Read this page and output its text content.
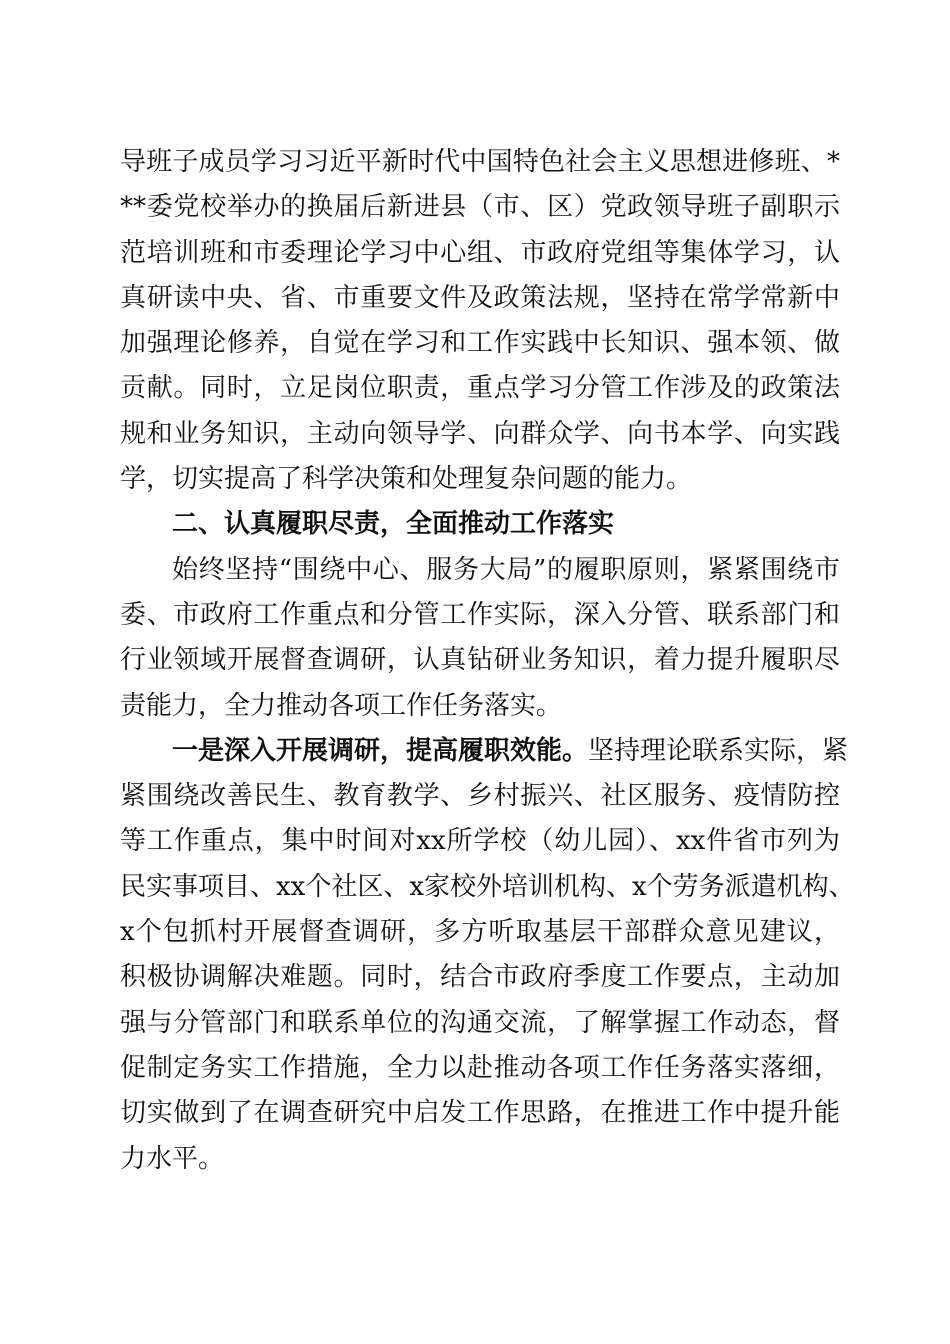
导班子成员学习习近平新时代中国特色社会主义思想进修班、*
**委党校举办的换届后新进县（市、区）党政领导班子副职示
范培训班和市委理论学习中心组、市政府党组等集体学习，认
真研读中央、省、市重要文件及政策法规，坚持在常学常新中
加强理论修养，自觉在学习和工作实践中长知识、强本领、做
贡献。同时，立足岗位职责，重点学习分管工作涉及的政策法
规和业务知识，主动向领导学、向群众学、向书本学、向实践
学，切实提高了科学决策和处理复杂问题的能力。
二、认真履职尽责，全面推动工作落实
始终坚持“围绕中心、服务大局”的履职原则，紧紧围绕市
委、市政府工作重点和分管工作实际，深入分管、联系部门和
行业领域开展督查调研，认真钻研业务知识，着力提升履职尽
责能力，全力推动各项工作任务落实。
一是深入开展调研，提高履职效能。坚持理论联系实际，紧
紧围绕改善民生、教育教学、乡村振兴、社区服务、疫情防控
等工作重点，集中时间对xx所学校（幼儿园）、xx件省市列为
民实事项目、xx个社区、x家校外培训机构、x个劳务派遣机构、
x个包抓村开展督查调研，多方听取基层干部群众意见建议，
积极协调解决难题。同时，结合市政府季度工作要点，主动加
强与分管部门和联系单位的沟通交流，了解掌握工作动态，督
促制定务实工作措施，全力以赴推动各项工作任务落实落细，
切实做到了在调查研究中启发工作思路，在推进工作中提升能
力水平。
